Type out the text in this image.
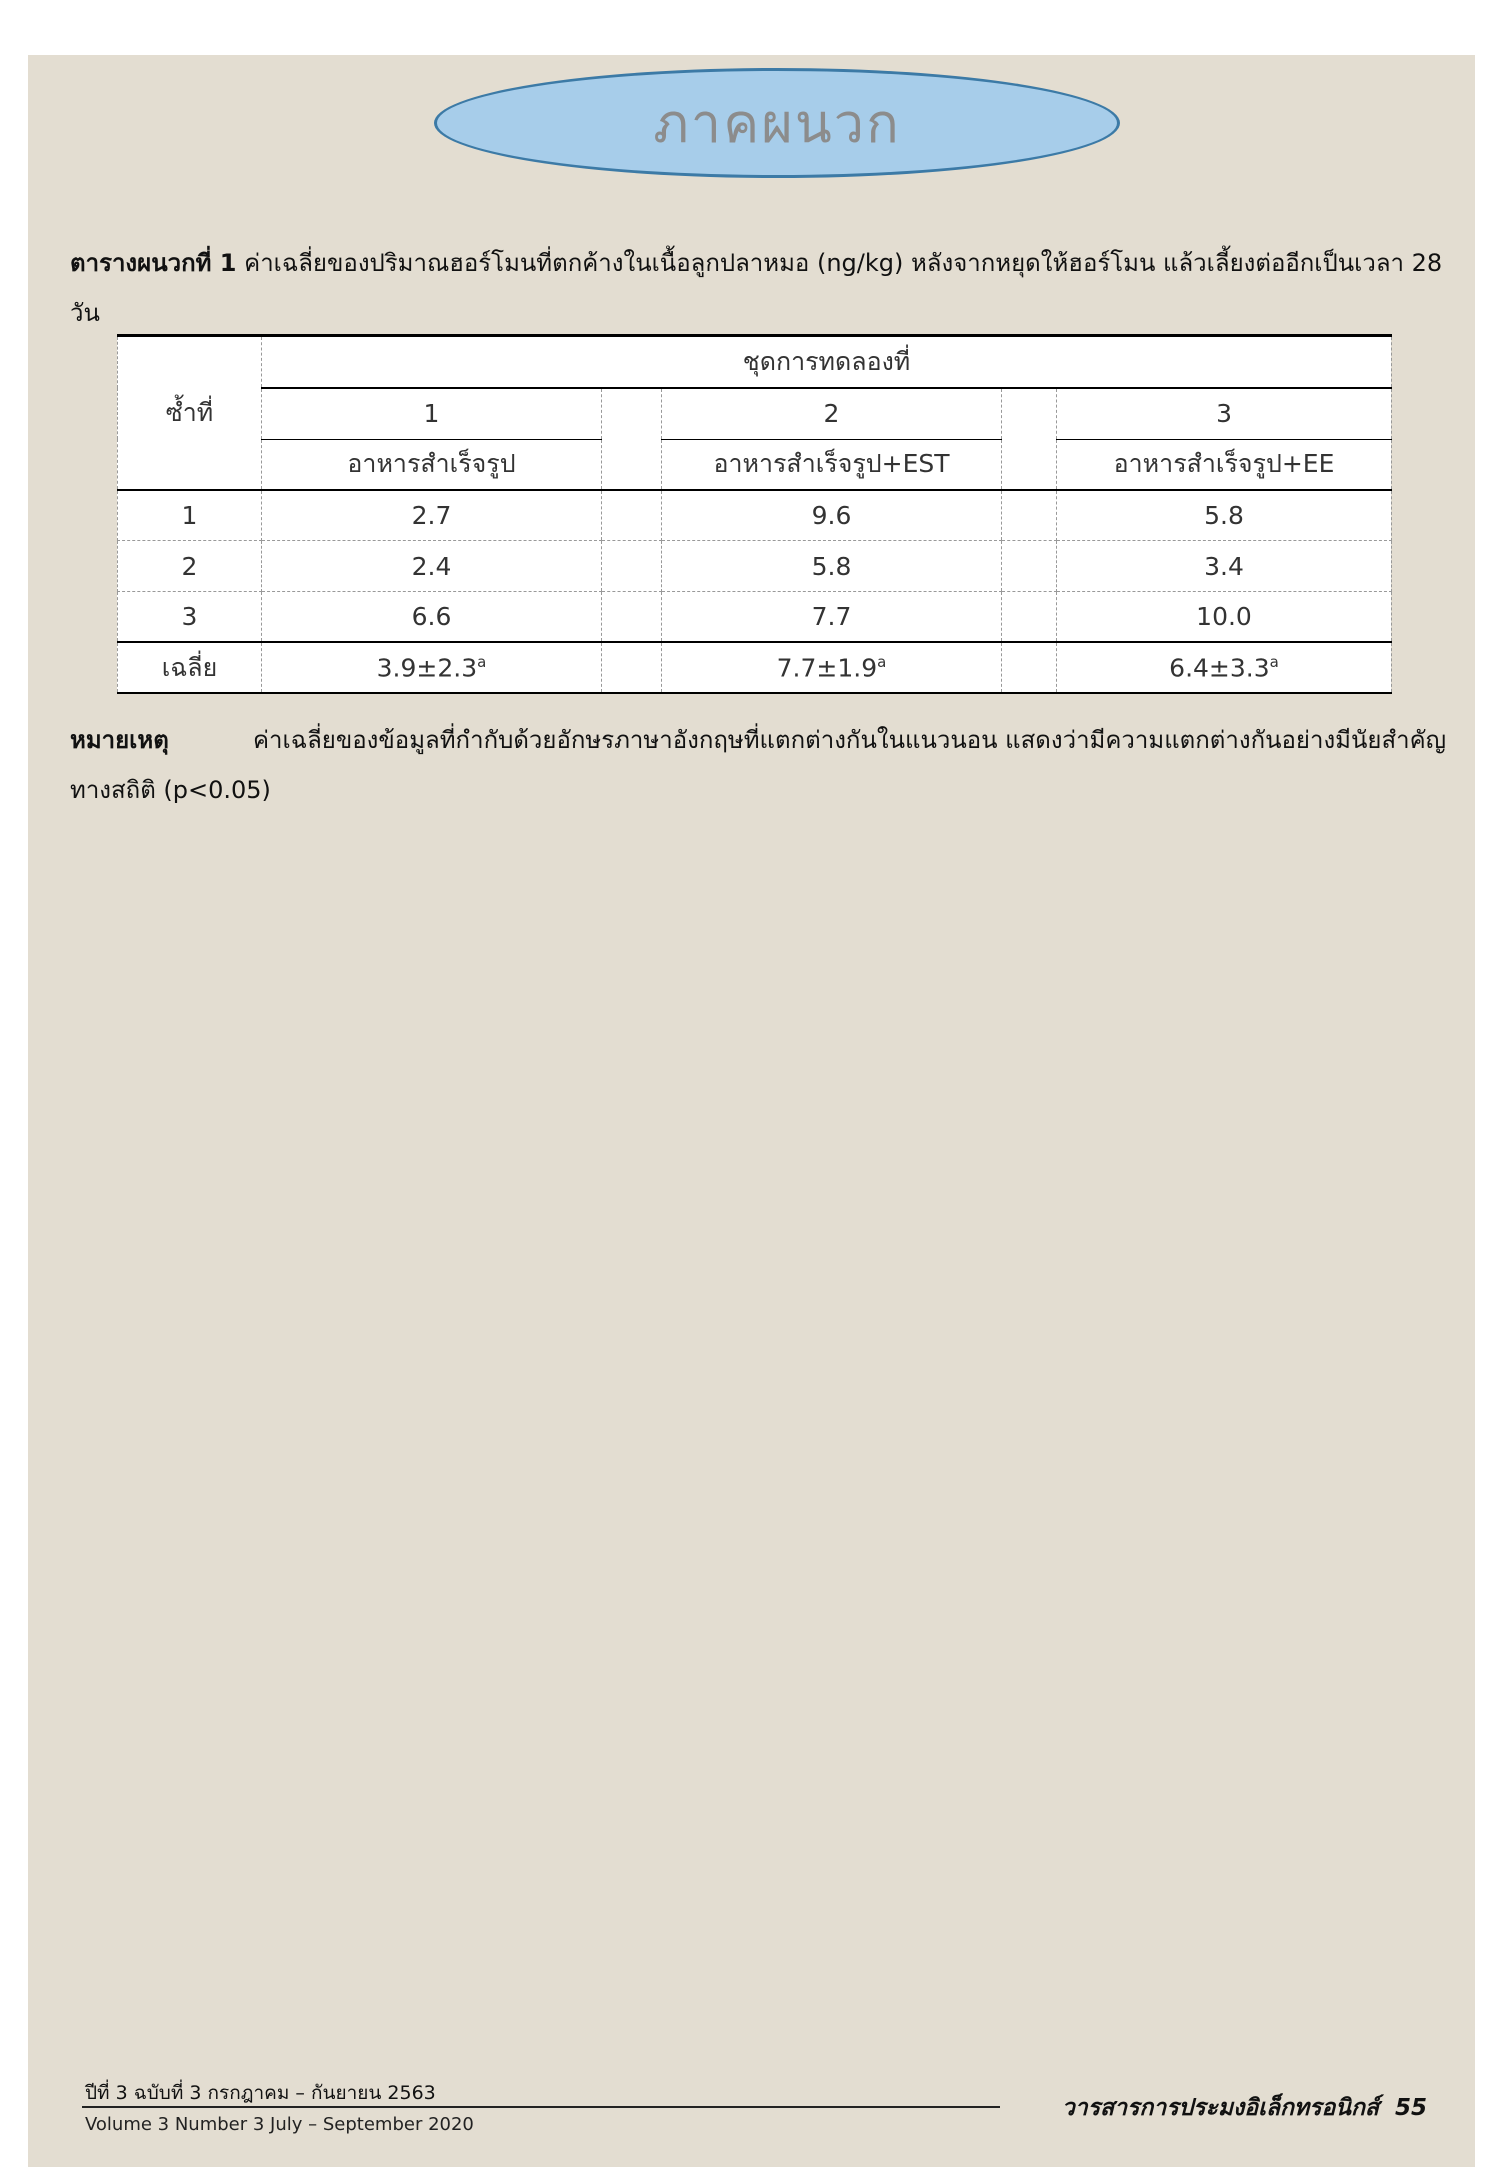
ภาคผนวก
ตารางผนวกที่ 1 ค่าเฉลี่ยของปริมาณฮอร์โมนที่ตกค้างในเนื้อลูกปลาหมอ (ng/kg) หลังจากหยุดให้ฮอร์โมน แล้วเลี้ยงต่ออีกเป็นเวลา 28 วัน
ซ้ำที่	ชุดการทดลองที่				
	1		2		3
	อาหารสำเร็จรูป		อาหารสำเร็จรูป+EST		อาหารสำเร็จรูป+EE
1	2.7		9.6		5.8
2	2.4		5.8		3.4
3	6.6		7.7		10.0
เฉลี่ย	3.9±2.3$^a$		7.7±1.9$^a$		6.4±3.3$^a$
หมายเหตุ	ค่าเฉลี่ยของข้อมูลที่กำกับด้วยอักษรภาษาอังกฤษที่แตกต่างกันในแนวนอน แสดงว่ามีความแตกต่างกันอย่างมีนัยสำคัญทางสถิติ (p<0.05)
ปีที่ 3 ฉบับที่ 3 กรกฎาคม – กันยายน 2563
Volume 3 Number 3 July – September 2020
วารสารการประมงอิเล็กทรอนิกส์ 55
